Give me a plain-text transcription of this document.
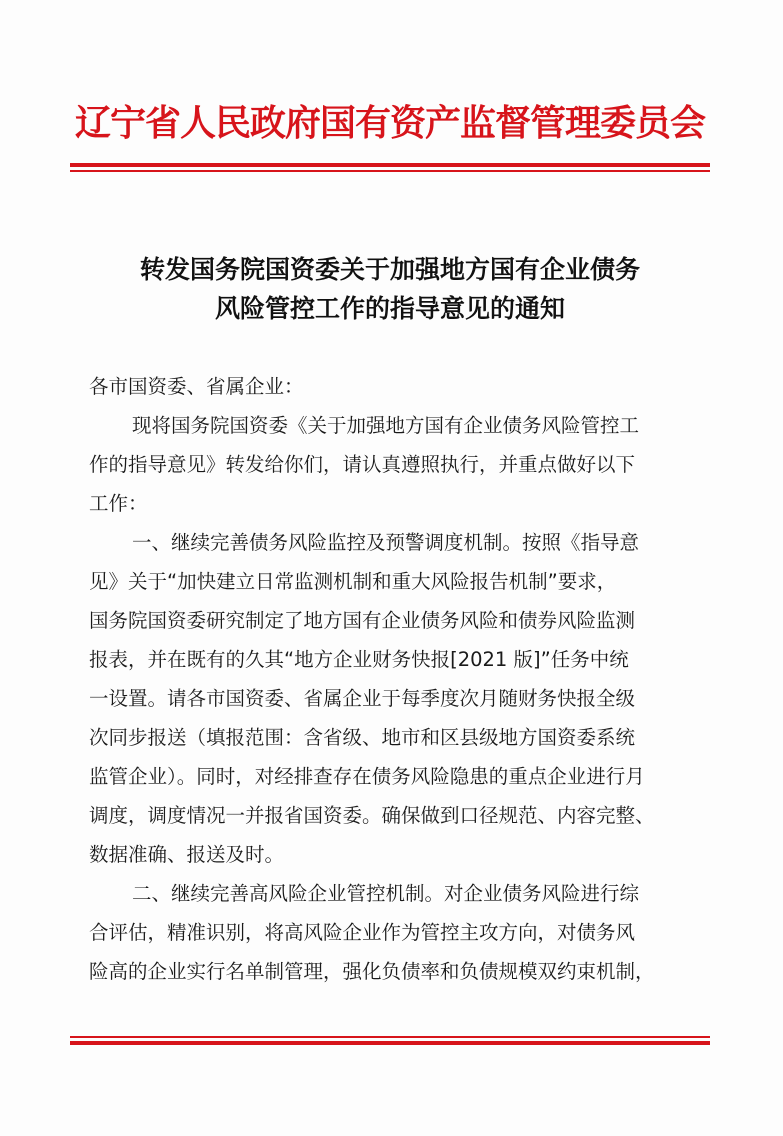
辽宁省人民政府国有资产监督管理委员会
转发国务院国资委关于加强地方国有企业债务
风险管控工作的指导意见的通知
各市国资委、省属企业：
现将国务院国资委《关于加强地方国有企业债务风险管控工
作的指导意见》转发给你们，请认真遵照执行，并重点做好以下
工作：
一、继续完善债务风险监控及预警调度机制。按照《指导意
见》关于“加快建立日常监测机制和重大风险报告机制”要求，
国务院国资委研究制定了地方国有企业债务风险和债券风险监测
报表，并在既有的久其“地方企业财务快报[2021 版]”任务中统
一设置。请各市国资委、省属企业于每季度次月随财务快报全级
次同步报送（填报范围：含省级、地市和区县级地方国资委系统
监管企业）。同时，对经排查存在债务风险隐患的重点企业进行月
调度，调度情况一并报省国资委。确保做到口径规范、内容完整、
数据准确、报送及时。
二、继续完善高风险企业管控机制。对企业债务风险进行综
合评估，精准识别，将高风险企业作为管控主攻方向，对债务风
险高的企业实行名单制管理，强化负债率和负债规模双约束机制，
